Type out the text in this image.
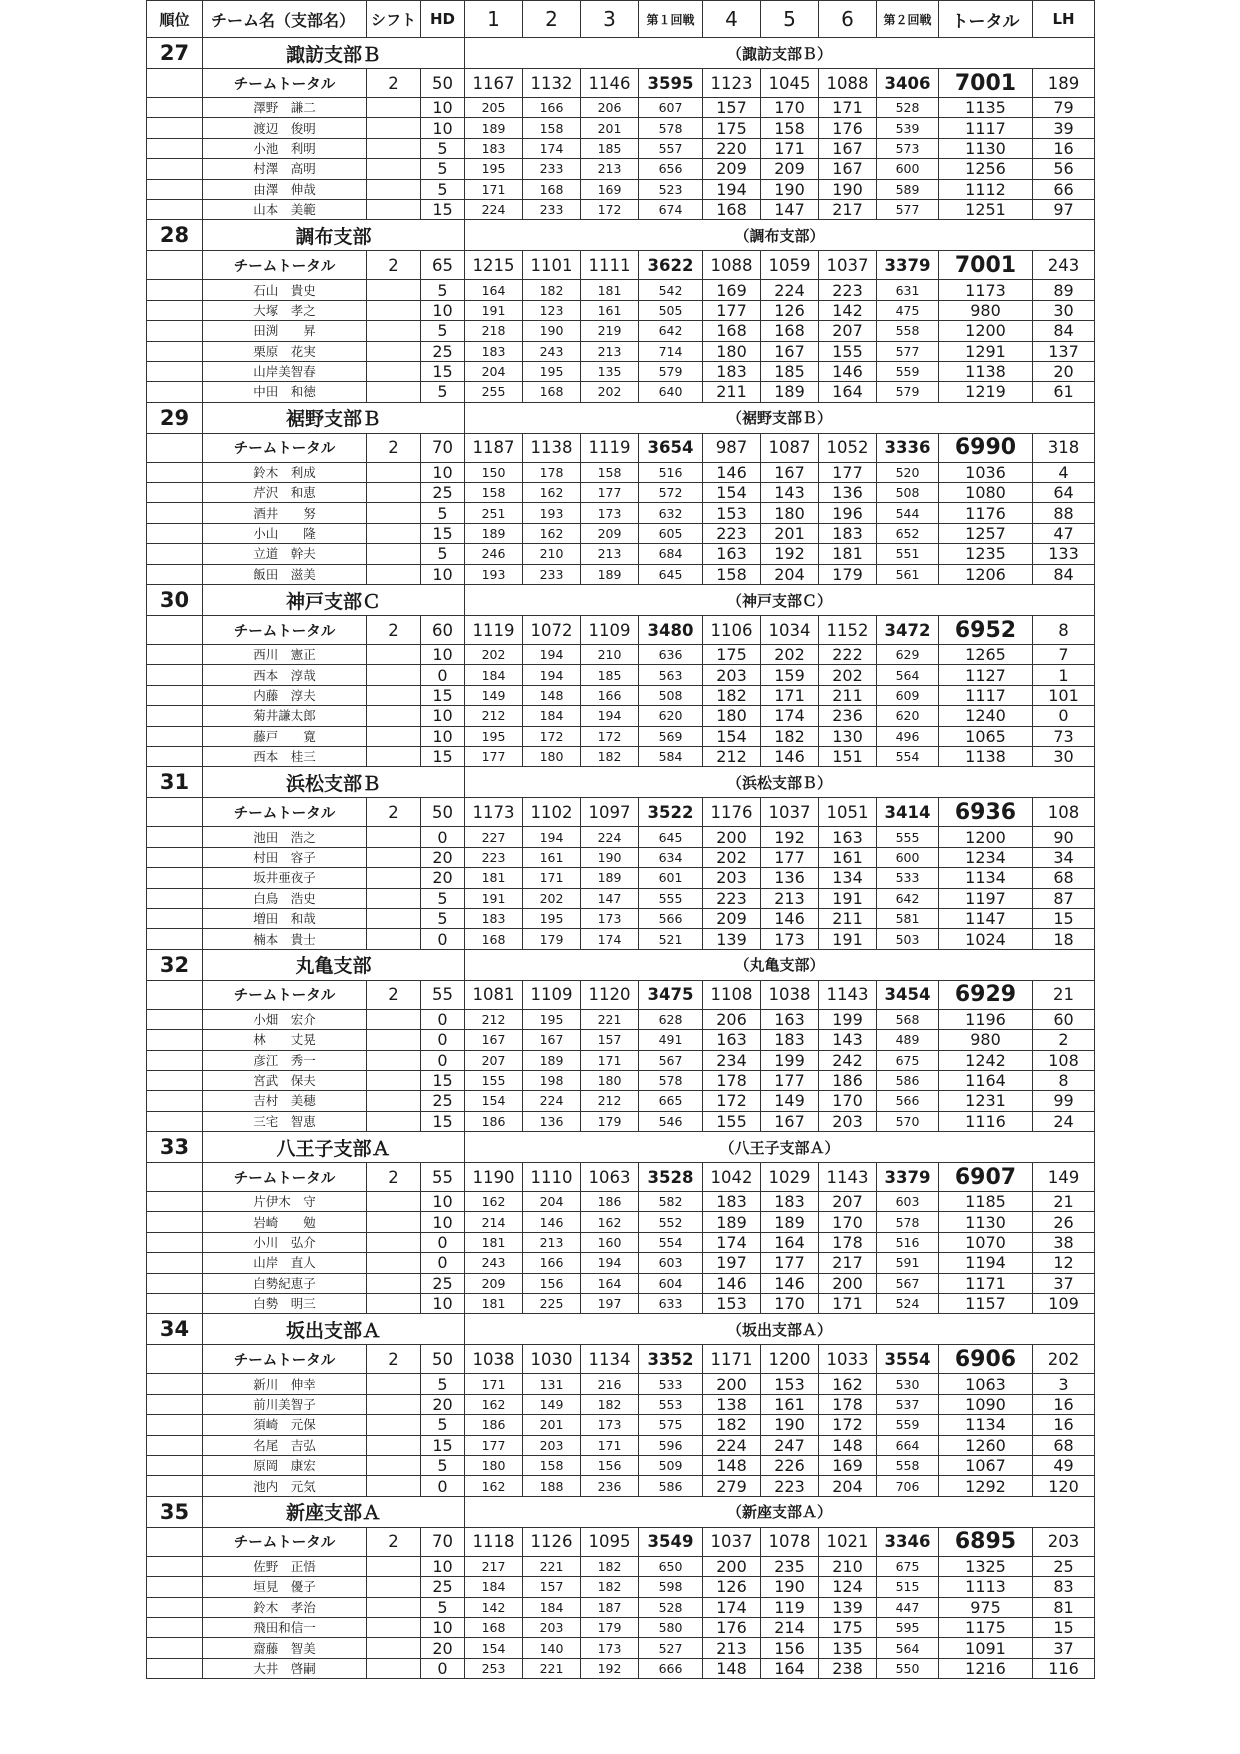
順位	チーム名（支部名）	シフト	HD	1	2	3	第１回戦	4	5	6	第２回戦	トータル	LH
27	諏訪支部Ｂ			（諏訪支部Ｂ）									
	チームトータル	2	50	1167	1132	1146	3595	1123	1045	1088	3406	7001	189
	澤野　謙二		10	205	166	206	607	157	170	171	528	1135	79
	渡辺　俊明		10	189	158	201	578	175	158	176	539	1117	39
	小池　利明		5	183	174	185	557	220	171	167	573	1130	16
	村澤　高明		5	195	233	213	656	209	209	167	600	1256	56
	由澤　伸哉		5	171	168	169	523	194	190	190	589	1112	66
	山本　美範		15	224	233	172	674	168	147	217	577	1251	97
28	調布支部			（調布支部）									
	チームトータル	2	65	1215	1101	1111	3622	1088	1059	1037	3379	7001	243
	石山　貴史		5	164	182	181	542	169	224	223	631	1173	89
	大塚　孝之		10	191	123	161	505	177	126	142	475	980	30
	田渕　　昇		5	218	190	219	642	168	168	207	558	1200	84
	栗原　花実		25	183	243	213	714	180	167	155	577	1291	137
	山岸美智春		15	204	195	135	579	183	185	146	559	1138	20
	中田　和徳		5	255	168	202	640	211	189	164	579	1219	61
29	裾野支部Ｂ			（裾野支部Ｂ）									
	チームトータル	2	70	1187	1138	1119	3654	987	1087	1052	3336	6990	318
	鈴木　利成		10	150	178	158	516	146	167	177	520	1036	4
	芹沢　和恵		25	158	162	177	572	154	143	136	508	1080	64
	酒井　　努		5	251	193	173	632	153	180	196	544	1176	88
	小山　　隆		15	189	162	209	605	223	201	183	652	1257	47
	立道　幹夫		5	246	210	213	684	163	192	181	551	1235	133
	飯田　滋美		10	193	233	189	645	158	204	179	561	1206	84
30	神戸支部Ｃ			（神戸支部Ｃ）									
	チームトータル	2	60	1119	1072	1109	3480	1106	1034	1152	3472	6952	8
	西川　憲正		10	202	194	210	636	175	202	222	629	1265	7
	西本　淳哉		0	184	194	185	563	203	159	202	564	1127	1
	内藤　淳夫		15	149	148	166	508	182	171	211	609	1117	101
	菊井謙太郎		10	212	184	194	620	180	174	236	620	1240	0
	藤戸　　寛		10	195	172	172	569	154	182	130	496	1065	73
	西本　桂三		15	177	180	182	584	212	146	151	554	1138	30
31	浜松支部Ｂ			（浜松支部Ｂ）									
	チームトータル	2	50	1173	1102	1097	3522	1176	1037	1051	3414	6936	108
	池田　浩之		0	227	194	224	645	200	192	163	555	1200	90
	村田　容子		20	223	161	190	634	202	177	161	600	1234	34
	坂井亜夜子		20	181	171	189	601	203	136	134	533	1134	68
	白鳥　浩史		5	191	202	147	555	223	213	191	642	1197	87
	増田　和哉		5	183	195	173	566	209	146	211	581	1147	15
	楠本　貴士		0	168	179	174	521	139	173	191	503	1024	18
32	丸亀支部			（丸亀支部）									
	チームトータル	2	55	1081	1109	1120	3475	1108	1038	1143	3454	6929	21
	小畑　宏介		0	212	195	221	628	206	163	199	568	1196	60
	林　　丈晃		0	167	167	157	491	163	183	143	489	980	2
	彦江　秀一		0	207	189	171	567	234	199	242	675	1242	108
	宮武　保夫		15	155	198	180	578	178	177	186	586	1164	8
	吉村　美穂		25	154	224	212	665	172	149	170	566	1231	99
	三宅　智恵		15	186	136	179	546	155	167	203	570	1116	24
33	八王子支部Ａ			（八王子支部Ａ）									
	チームトータル	2	55	1190	1110	1063	3528	1042	1029	1143	3379	6907	149
	片伊木　守		10	162	204	186	582	183	183	207	603	1185	21
	岩崎　　勉		10	214	146	162	552	189	189	170	578	1130	26
	小川　弘介		0	181	213	160	554	174	164	178	516	1070	38
	山岸　直人		0	243	166	194	603	197	177	217	591	1194	12
	白勢紀恵子		25	209	156	164	604	146	146	200	567	1171	37
	白勢　明三		10	181	225	197	633	153	170	171	524	1157	109
34	坂出支部Ａ			（坂出支部Ａ）									
	チームトータル	2	50	1038	1030	1134	3352	1171	1200	1033	3554	6906	202
	新川　伸幸		5	171	131	216	533	200	153	162	530	1063	3
	前川美智子		20	162	149	182	553	138	161	178	537	1090	16
	須崎　元保		5	186	201	173	575	182	190	172	559	1134	16
	名尾　吉弘		15	177	203	171	596	224	247	148	664	1260	68
	原岡　康宏		5	180	158	156	509	148	226	169	558	1067	49
	池内　元気		0	162	188	236	586	279	223	204	706	1292	120
35	新座支部Ａ			（新座支部Ａ）									
	チームトータル	2	70	1118	1126	1095	3549	1037	1078	1021	3346	6895	203
	佐野　正悟		10	217	221	182	650	200	235	210	675	1325	25
	垣見　優子		25	184	157	182	598	126	190	124	515	1113	83
	鈴木　孝治		5	142	184	187	528	174	119	139	447	975	81
	飛田和信一		10	168	203	179	580	176	214	175	595	1175	15
	齋藤　智美		20	154	140	173	527	213	156	135	564	1091	37
	大井　啓嗣		0	253	221	192	666	148	164	238	550	1216	116
